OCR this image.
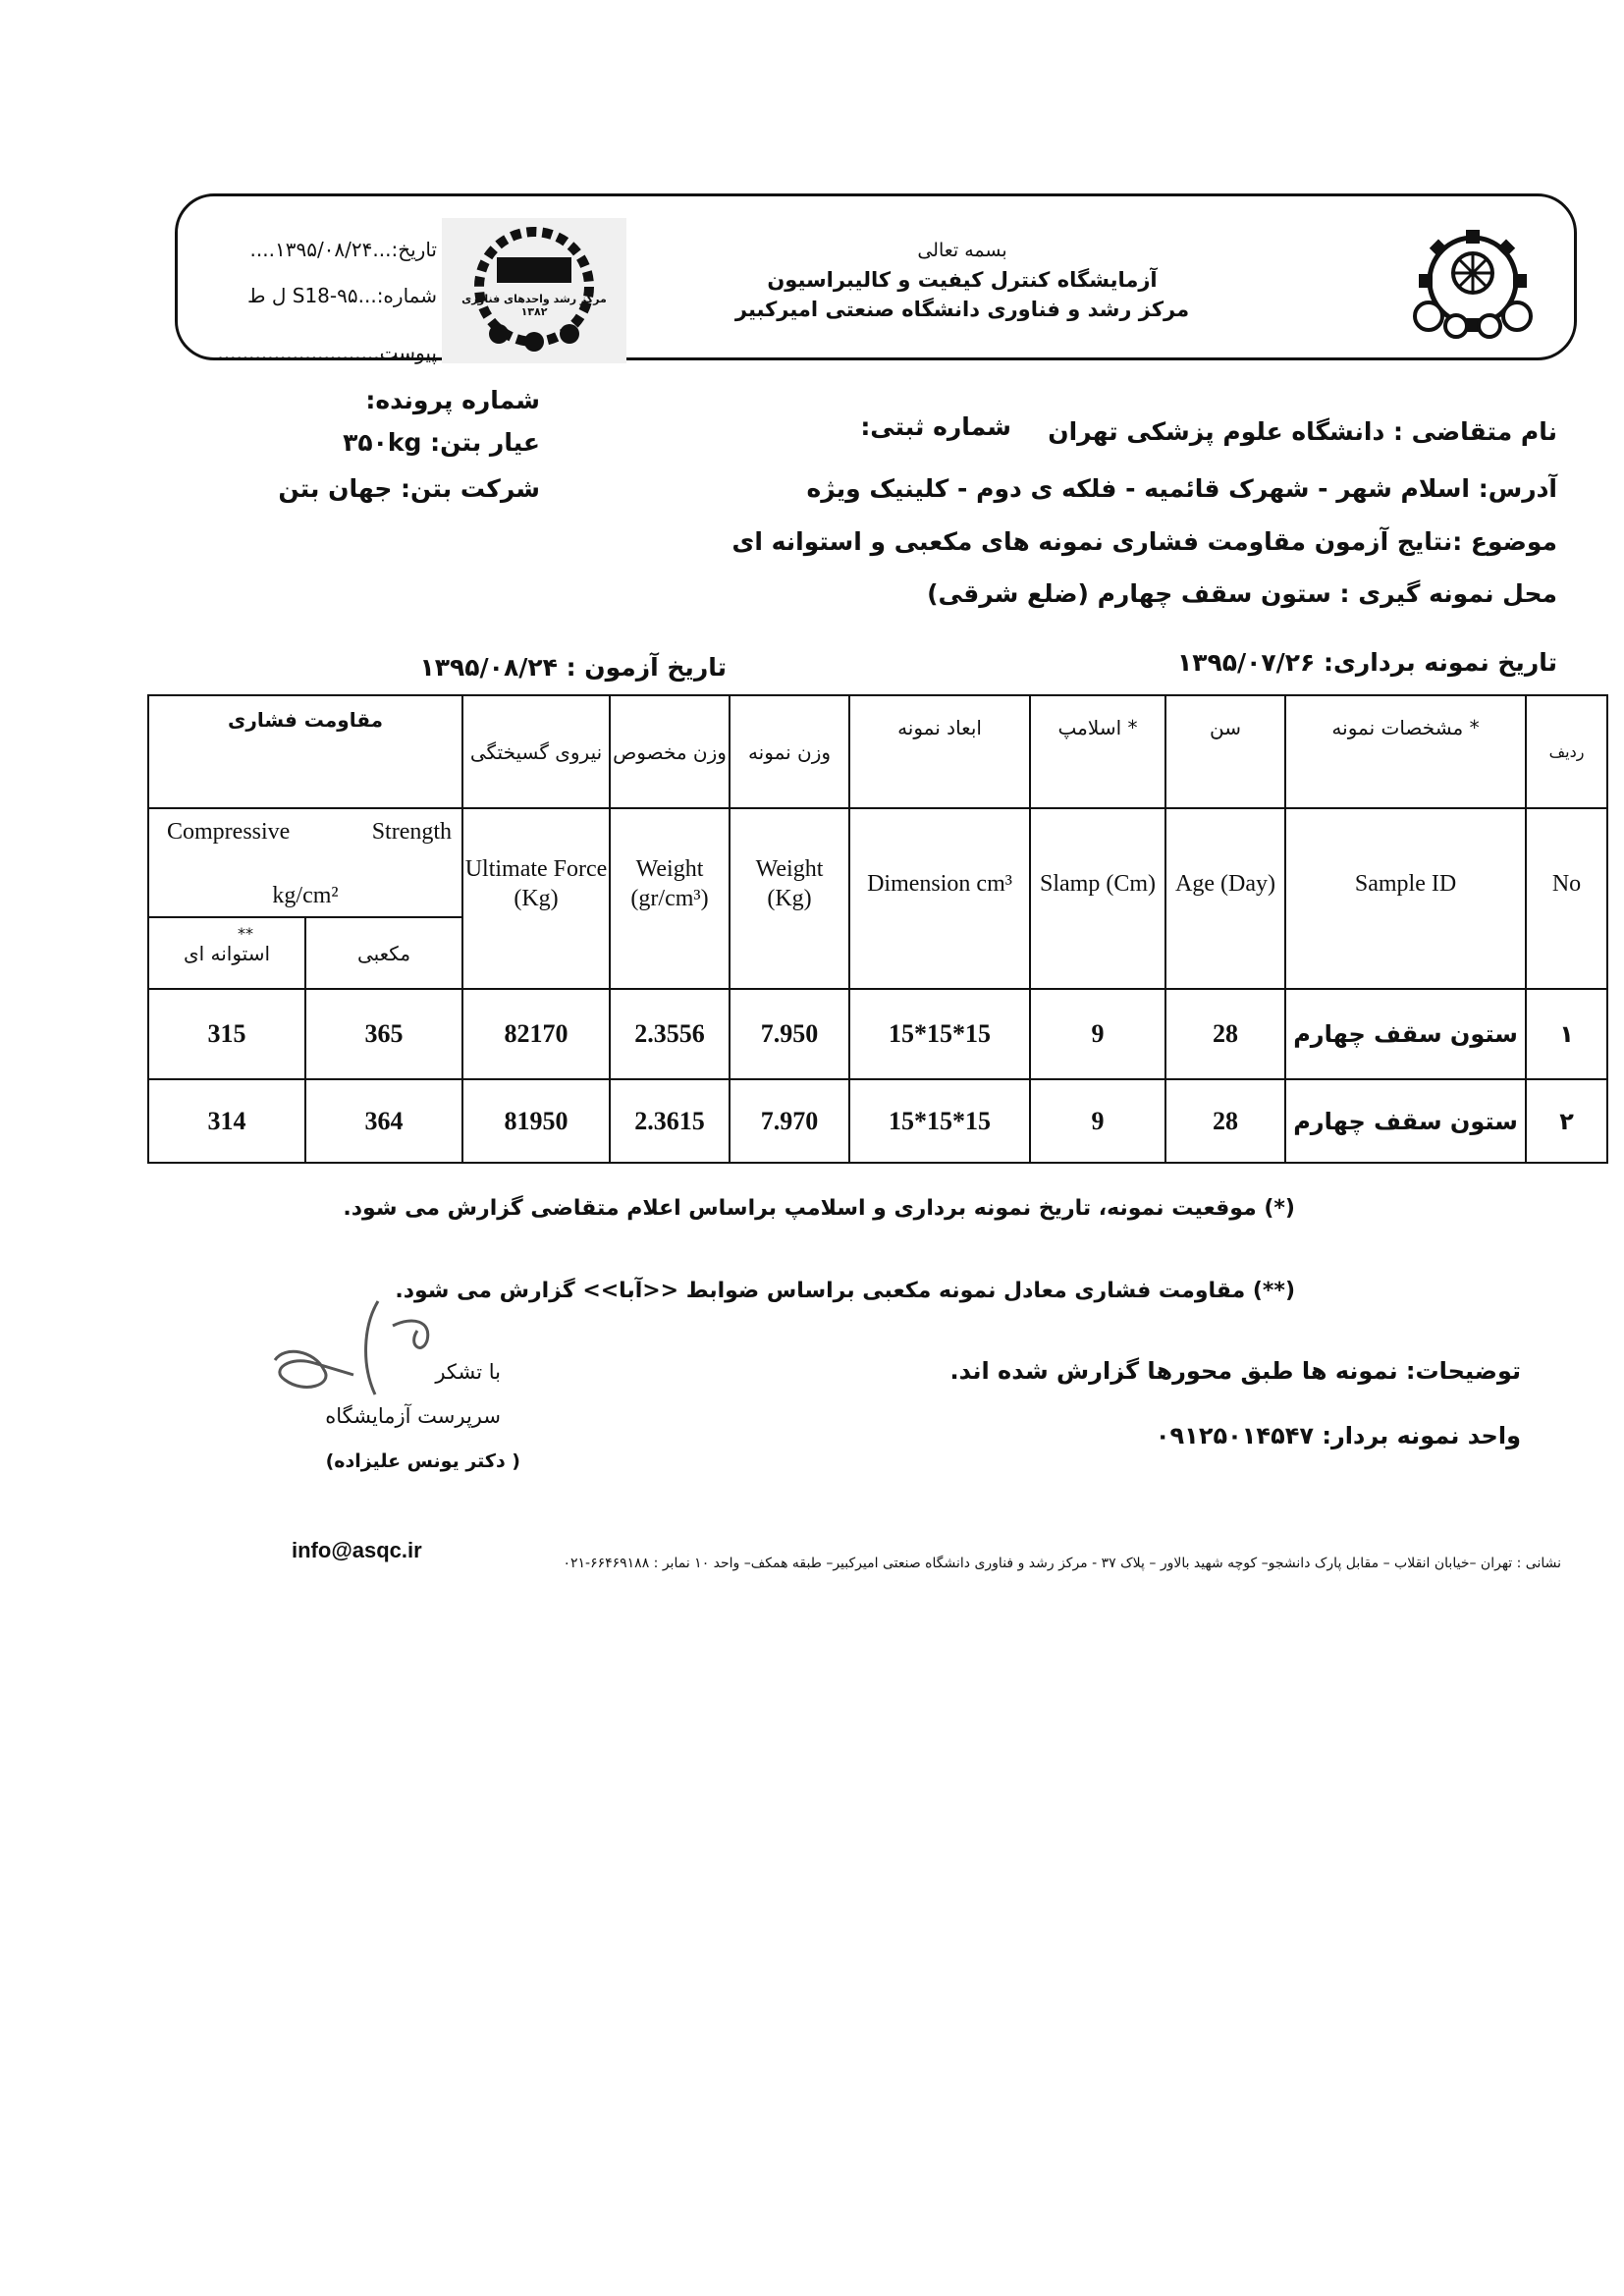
بسمه تعالی
آزمایشگاه کنترل کیفیت و کالیبراسیون
مرکز رشد و فناوری دانشگاه صنعتی امیرکبیر
مرکز رشد واحدهای فناوری ۱۳۸۲
تاریخ:...۱۳۹۵/۰۸/۲۴....
شماره:...S18-۹۵ ل ط
پیوست..........................
نام متقاضی : دانشگاه علوم پزشکی تهران
شماره ثبتی:
شماره پرونده:
عیار بتن: ۳۵۰kg
شرکت بتن: جهان بتن	آدرس: اسلام شهر - شهرک قائمیه - فلکه ی دوم - کلینیک ویژه
موضوع :نتایج آزمون مقاومت فشاری نمونه های مکعبی و استوانه ای
محل نمونه گیری : ستون سقف چهارم (ضلع شرقی)
تاریخ نمونه برداری: ۱۳۹۵/۰۷/۲۶
تاریخ آزمون : ۱۳۹۵/۰۸/۲۴
مقاومت فشاری		نیروی گسیختگی	وزن مخصوص	وزن نمونه	ابعاد نمونه	اسلامپ *	سن	مشخصات نمونه *	ردیف

Compressive Strength
kg/cm²		Ultimate Force (Kg)	Weight (gr/cm³)	Weight (Kg)	Dimension cm³	Slamp (Cm)	Age (Day)	Sample ID	No
استوانه ای
**	مکعبی								
315	365	82170	2.3556	7.950	15*15*15	9	28	ستون سقف چهارم	۱
314	364	81950	2.3615	7.970	15*15*15	9	28	ستون سقف چهارم	۲
(*) موقعیت نمونه، تاریخ نمونه برداری و اسلامپ براساس اعلام متقاضی گزارش می شود.
(**) مقاومت فشاری معادل نمونه مکعبی براساس ضوابط <<آبا>> گزارش می شود.
توضیحات: نمونه ها طبق محورها گزارش شده اند.
واحد نمونه بردار: ۰۹۱۲۵۰۱۴۵۴۷
با تشکر
سرپرست آزمایشگاه
( دکتر یونس علیزاده)
نشانی : تهران –خیابان انقلاب – مقابل پارک دانشجو– کوچه شهید بالاور – پلاک ۳۷ - مرکز رشد و فناوری دانشگاه صنعتی امیرکبیر– طبقه همکف– واحد ۱۰ نمابر : ۶۶۴۶۹۱۸۸-۰۲۱
info@asqc.ir
